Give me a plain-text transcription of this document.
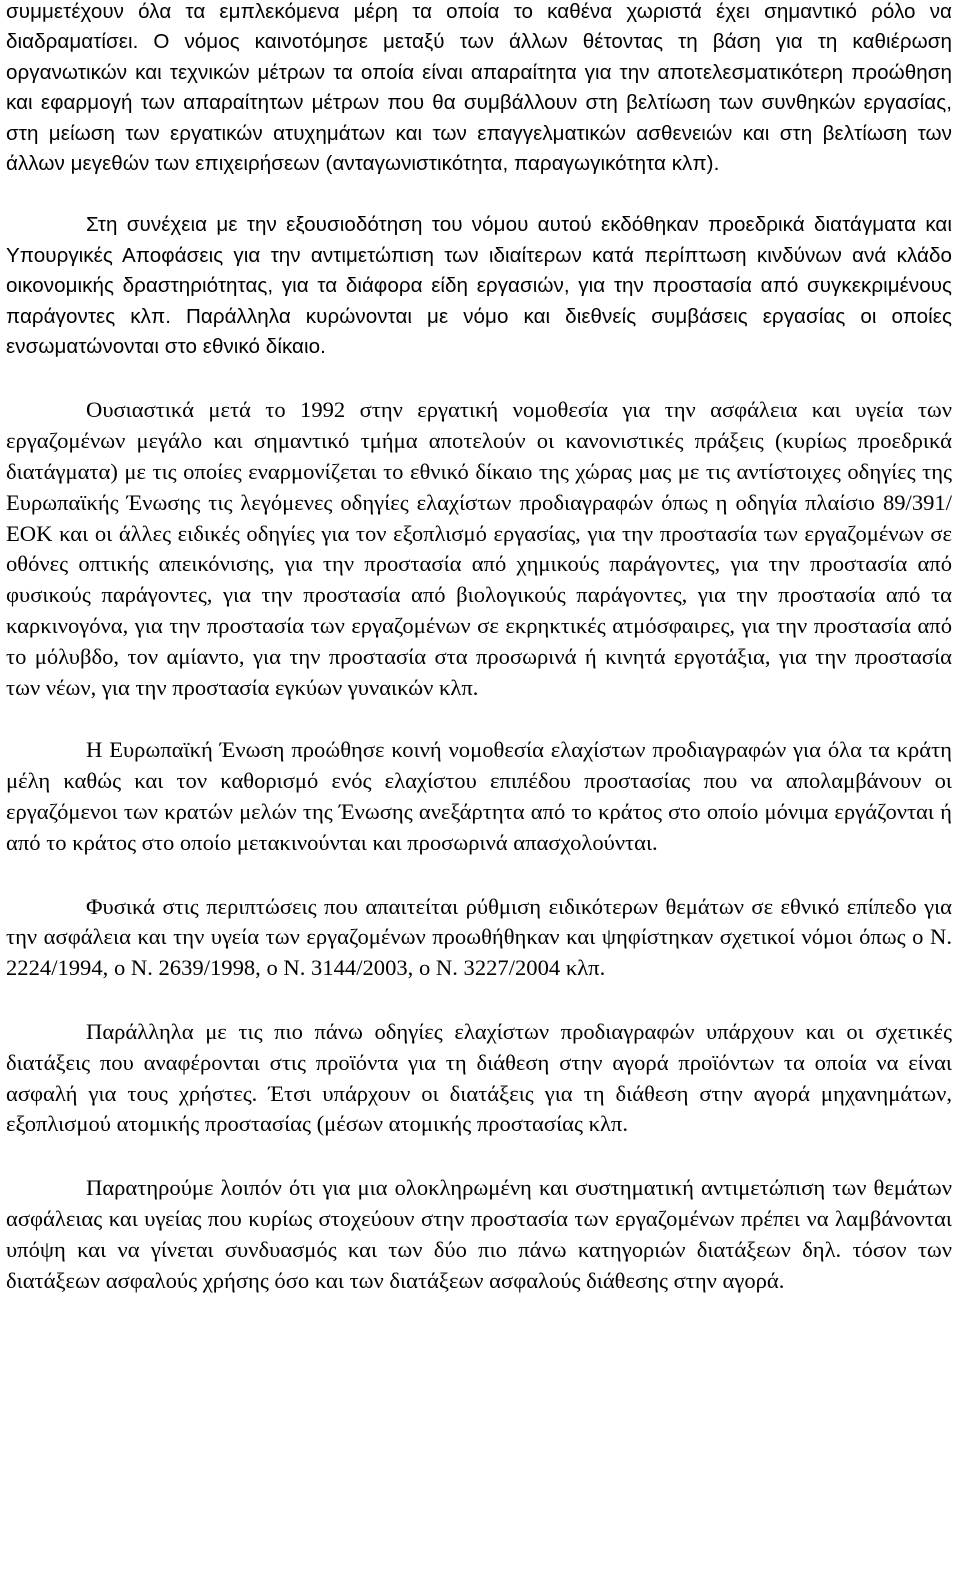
συμμετέχουν όλα τα εμπλεκόμενα μέρη τα οποία το καθένα χωριστά έχει σημαντικό ρόλο να διαδραματίσει. Ο νόμος καινοτόμησε μεταξύ των άλλων θέτοντας τη βάση για τη καθιέρωση οργανωτικών και τεχνικών μέτρων τα οποία είναι απαραίτητα για την αποτελεσματικότερη προώθηση και εφαρμογή των απαραίτητων μέτρων που θα συμβάλλουν στη βελτίωση των συνθηκών εργασίας, στη μείωση των εργατικών ατυχημάτων και των επαγγελματικών ασθενειών και στη βελτίωση των άλλων μεγεθών των επιχειρήσεων (ανταγωνιστικότητα, παραγωγικότητα κλπ).

Στη συνέχεια με την εξουσιοδότηση του νόμου αυτού εκδόθηκαν προεδρικά διατάγματα και Υπουργικές Αποφάσεις για την αντιμετώπιση των ιδιαίτερων κατά περίπτωση κινδύνων ανά κλάδο οικονομικής δραστηριότητας, για τα διάφορα είδη εργασιών, για την προστασία από συγκεκριμένους παράγοντες κλπ. Παράλληλα κυρώνονται με νόμο και διεθνείς συμβάσεις εργασίας οι οποίες ενσωματώνονται στο εθνικό δίκαιο.

Ουσιαστικά μετά το 1992 στην εργατική νομοθεσία για την ασφάλεια και υγεία των εργαζομένων μεγάλο και σημαντικό τμήμα αποτελούν οι κανονιστικές πράξεις (κυρίως προεδρικά διατάγματα) με τις οποίες εναρμονίζεται το εθνικό δίκαιο της χώρας μας με τις αντίστοιχες οδηγίες της Ευρωπαϊκής Ένωσης τις λεγόμενες οδηγίες ελαχίστων προδιαγραφών όπως η οδηγία πλαίσιο 89/391/ΕΟΚ και οι άλλες ειδικές οδηγίες για τον εξοπλισμό εργασίας, για την προστασία των εργαζομένων σε οθόνες οπτικής απεικόνισης, για την προστασία από χημικούς παράγοντες, για την προστασία από φυσικούς παράγοντες, για την προστασία από βιολογικούς παράγοντες, για την προστασία από τα καρκινογόνα, για την προστασία των εργαζομένων σε εκρηκτικές ατμόσφαιρες, για την προστασία από το μόλυβδο, τον αμίαντο, για την προστασία στα προσωρινά ή κινητά εργοτάξια, για την προστασία των νέων, για την προστασία εγκύων γυναικών κλπ.

Η Ευρωπαϊκή Ένωση προώθησε κοινή νομοθεσία ελαχίστων προδιαγραφών για όλα τα κράτη μέλη καθώς και τον καθορισμό ενός ελαχίστου επιπέδου προστασίας που να απολαμβάνουν οι εργαζόμενοι των κρατών μελών της Ένωσης ανεξάρτητα από το κράτος στο οποίο μόνιμα εργάζονται ή από το κράτος στο οποίο μετακινούνται και προσωρινά απασχολούνται.

Φυσικά στις περιπτώσεις που απαιτείται ρύθμιση ειδικότερων θεμάτων σε εθνικό επίπεδο για την ασφάλεια και την υγεία των εργαζομένων προωθήθηκαν και ψηφίστηκαν σχετικοί νόμοι όπως ο Ν. 2224/1994, ο Ν. 2639/1998, ο Ν. 3144/2003, ο Ν. 3227/2004 κλπ.

Παράλληλα με τις πιο πάνω οδηγίες ελαχίστων προδιαγραφών υπάρχουν και οι σχετικές διατάξεις που αναφέρονται στις προϊόντα για τη διάθεση στην αγορά προϊόντων τα οποία να είναι ασφαλή για τους χρήστες. Έτσι υπάρχουν οι διατάξεις για τη διάθεση στην αγορά μηχανημάτων, εξοπλισμού ατομικής προστασίας (μέσων ατομικής προστασίας κλπ.

Παρατηρούμε λοιπόν ότι για μια ολοκληρωμένη και συστηματική αντιμετώπιση των θεμάτων ασφάλειας και υγείας που κυρίως στοχεύουν στην προστασία των εργαζομένων πρέπει να λαμβάνονται υπόψη και να γίνεται συνδυασμός και των δύο πιο πάνω κατηγοριών διατάξεων δηλ. τόσον των διατάξεων ασφαλούς χρήσης όσο και των διατάξεων ασφαλούς διάθεσης στην αγορά.
